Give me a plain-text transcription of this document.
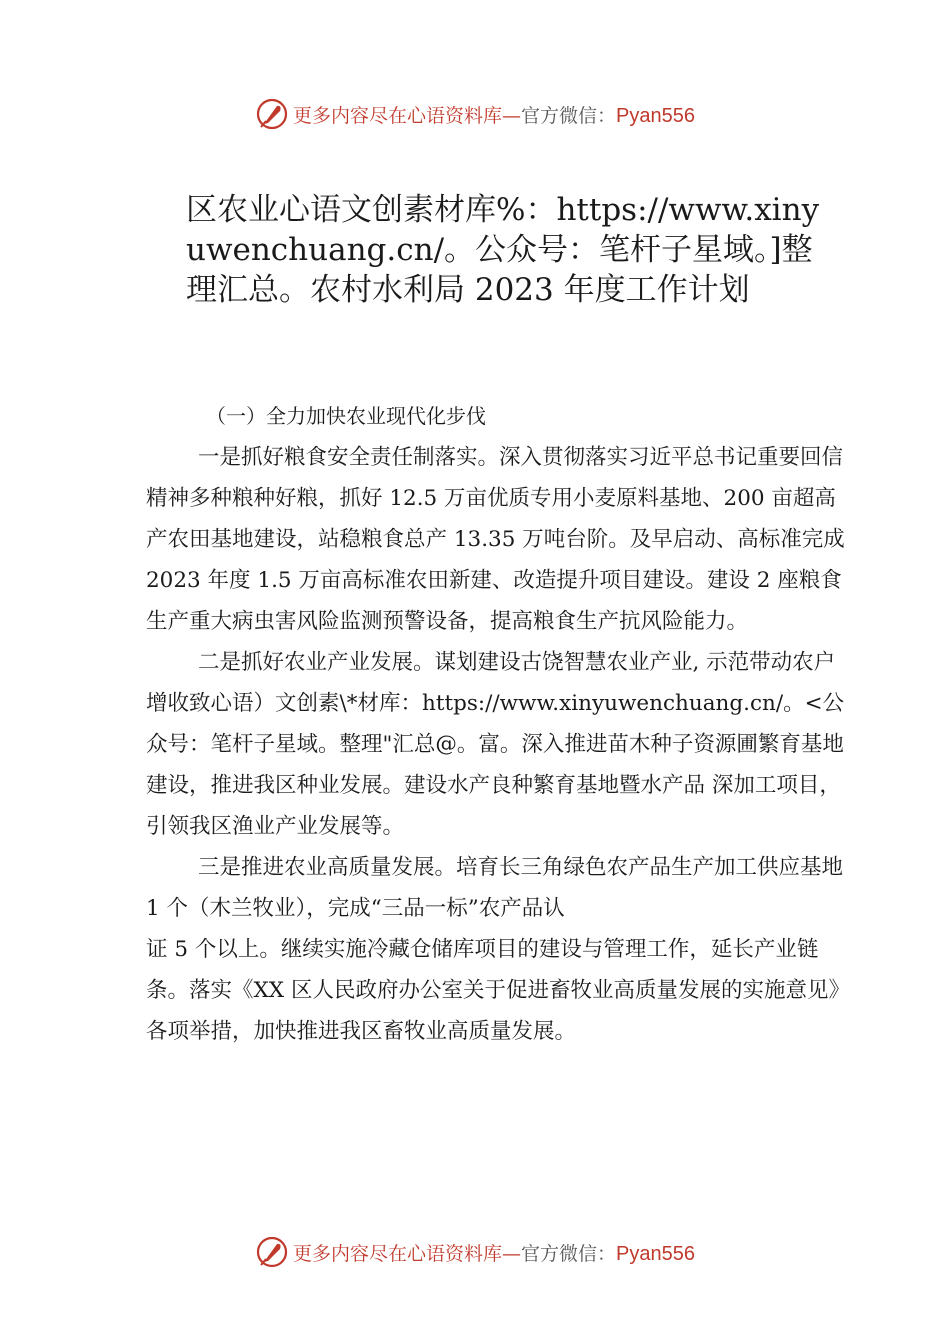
更多内容尽在心语资料库—官方微信：Pyan556
区农业心语文创素材库%：https://www.xinyuwenchuang.cn/。公众号：笔杆子星域。]整理汇总。农村水利局 2023 年度工作计划

（一）全力加快农业现代化步伐

一是抓好粮食安全责任制落实。深入贯彻落实习近平总书记重要回信精神多种粮种好粮，抓好 12.5 万亩优质专用小麦原料基地、200 亩超高产农田基地建设，站稳粮食总产 13.35 万吨台阶。及早启动、高标准完成 2023 年度 1.5 万亩高标准农田新建、改造提升项目建设。建设 2 座粮食生产重大病虫害风险监测预警设备，提高粮食生产抗风险能力。

二是抓好农业产业发展。谋划建设古饶智慧农业产业, 示范带动农户增收致心语）文创素\*材库：https://www.xinyuwenchuang.cn/。<公众号：笔杆子星域。整理"汇总@。富。深入推进苗木种子资源圃繁育基地 建设，推进我区种业发展。建设水产良种繁育基地暨水产品 深加工项目，引领我区渔业产业发展等。

三是推进农业高质量发展。培育长三角绿色农产品生产加工供应基地 1 个（木兰牧业），完成“三品一标”农产品认

证 5 个以上。继续实施冷藏仓储库项目的建设与管理工作，延长产业链条。落实《XX 区人民政府办公室关于促进畜牧业高质量发展的实施意见》各项举措，加快推进我区畜牧业高质量发展。

更多内容尽在心语资料库—官方微信：Pyan556
